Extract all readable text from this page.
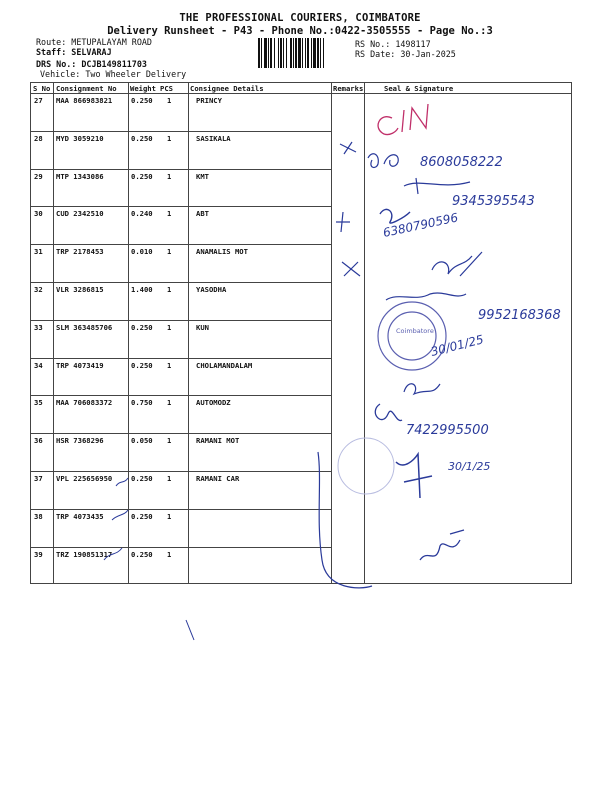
THE PROFESSIONAL COURIERS, COIMBATORE
Delivery Runsheet - P43 - Phone No.:0422-3505555 - Page No.:3
Route: METUPALAYAM ROAD
Staff: SELVARAJ
DRS No.: DCJB149811703
Vehicle: Two Wheeler Delivery
RS No.: 1498117
RS Date: 30-Jan-2025
S No Consignment No Weight PCS Consignee Details	Remarks	Seal & Signature
27 MAA 866983821	0.250 1	PRINCY
28 MYD 3059210	0.250 1	SASIKALA
29 MTP 1343086	0.250 1	KMT
30 CUD 2342510	0.240 1	ABT
31 TRP 2178453	0.010 1	ANAMALIS MOT
32 VLR 3286815	1.400 1	YASODHA
33 SLM 363485706	0.250 1	KUN
34 TRP 4073419	0.250 1	CHOLAMANDALAM
35 MAA 706083372	0.750 1	AUTOMODZ
36 HSR 7368296	0.050 1	RAMANI MOT
37 VPL 225656950	0.250 1	RAMANI CAR
38 TRP 4073435	0.250 1
39 TRZ 190851317	0.250 1
8608058222
9345395543
6380790596
9952168368
Coimbatore
30/01/25
7422995500
30/1/25
